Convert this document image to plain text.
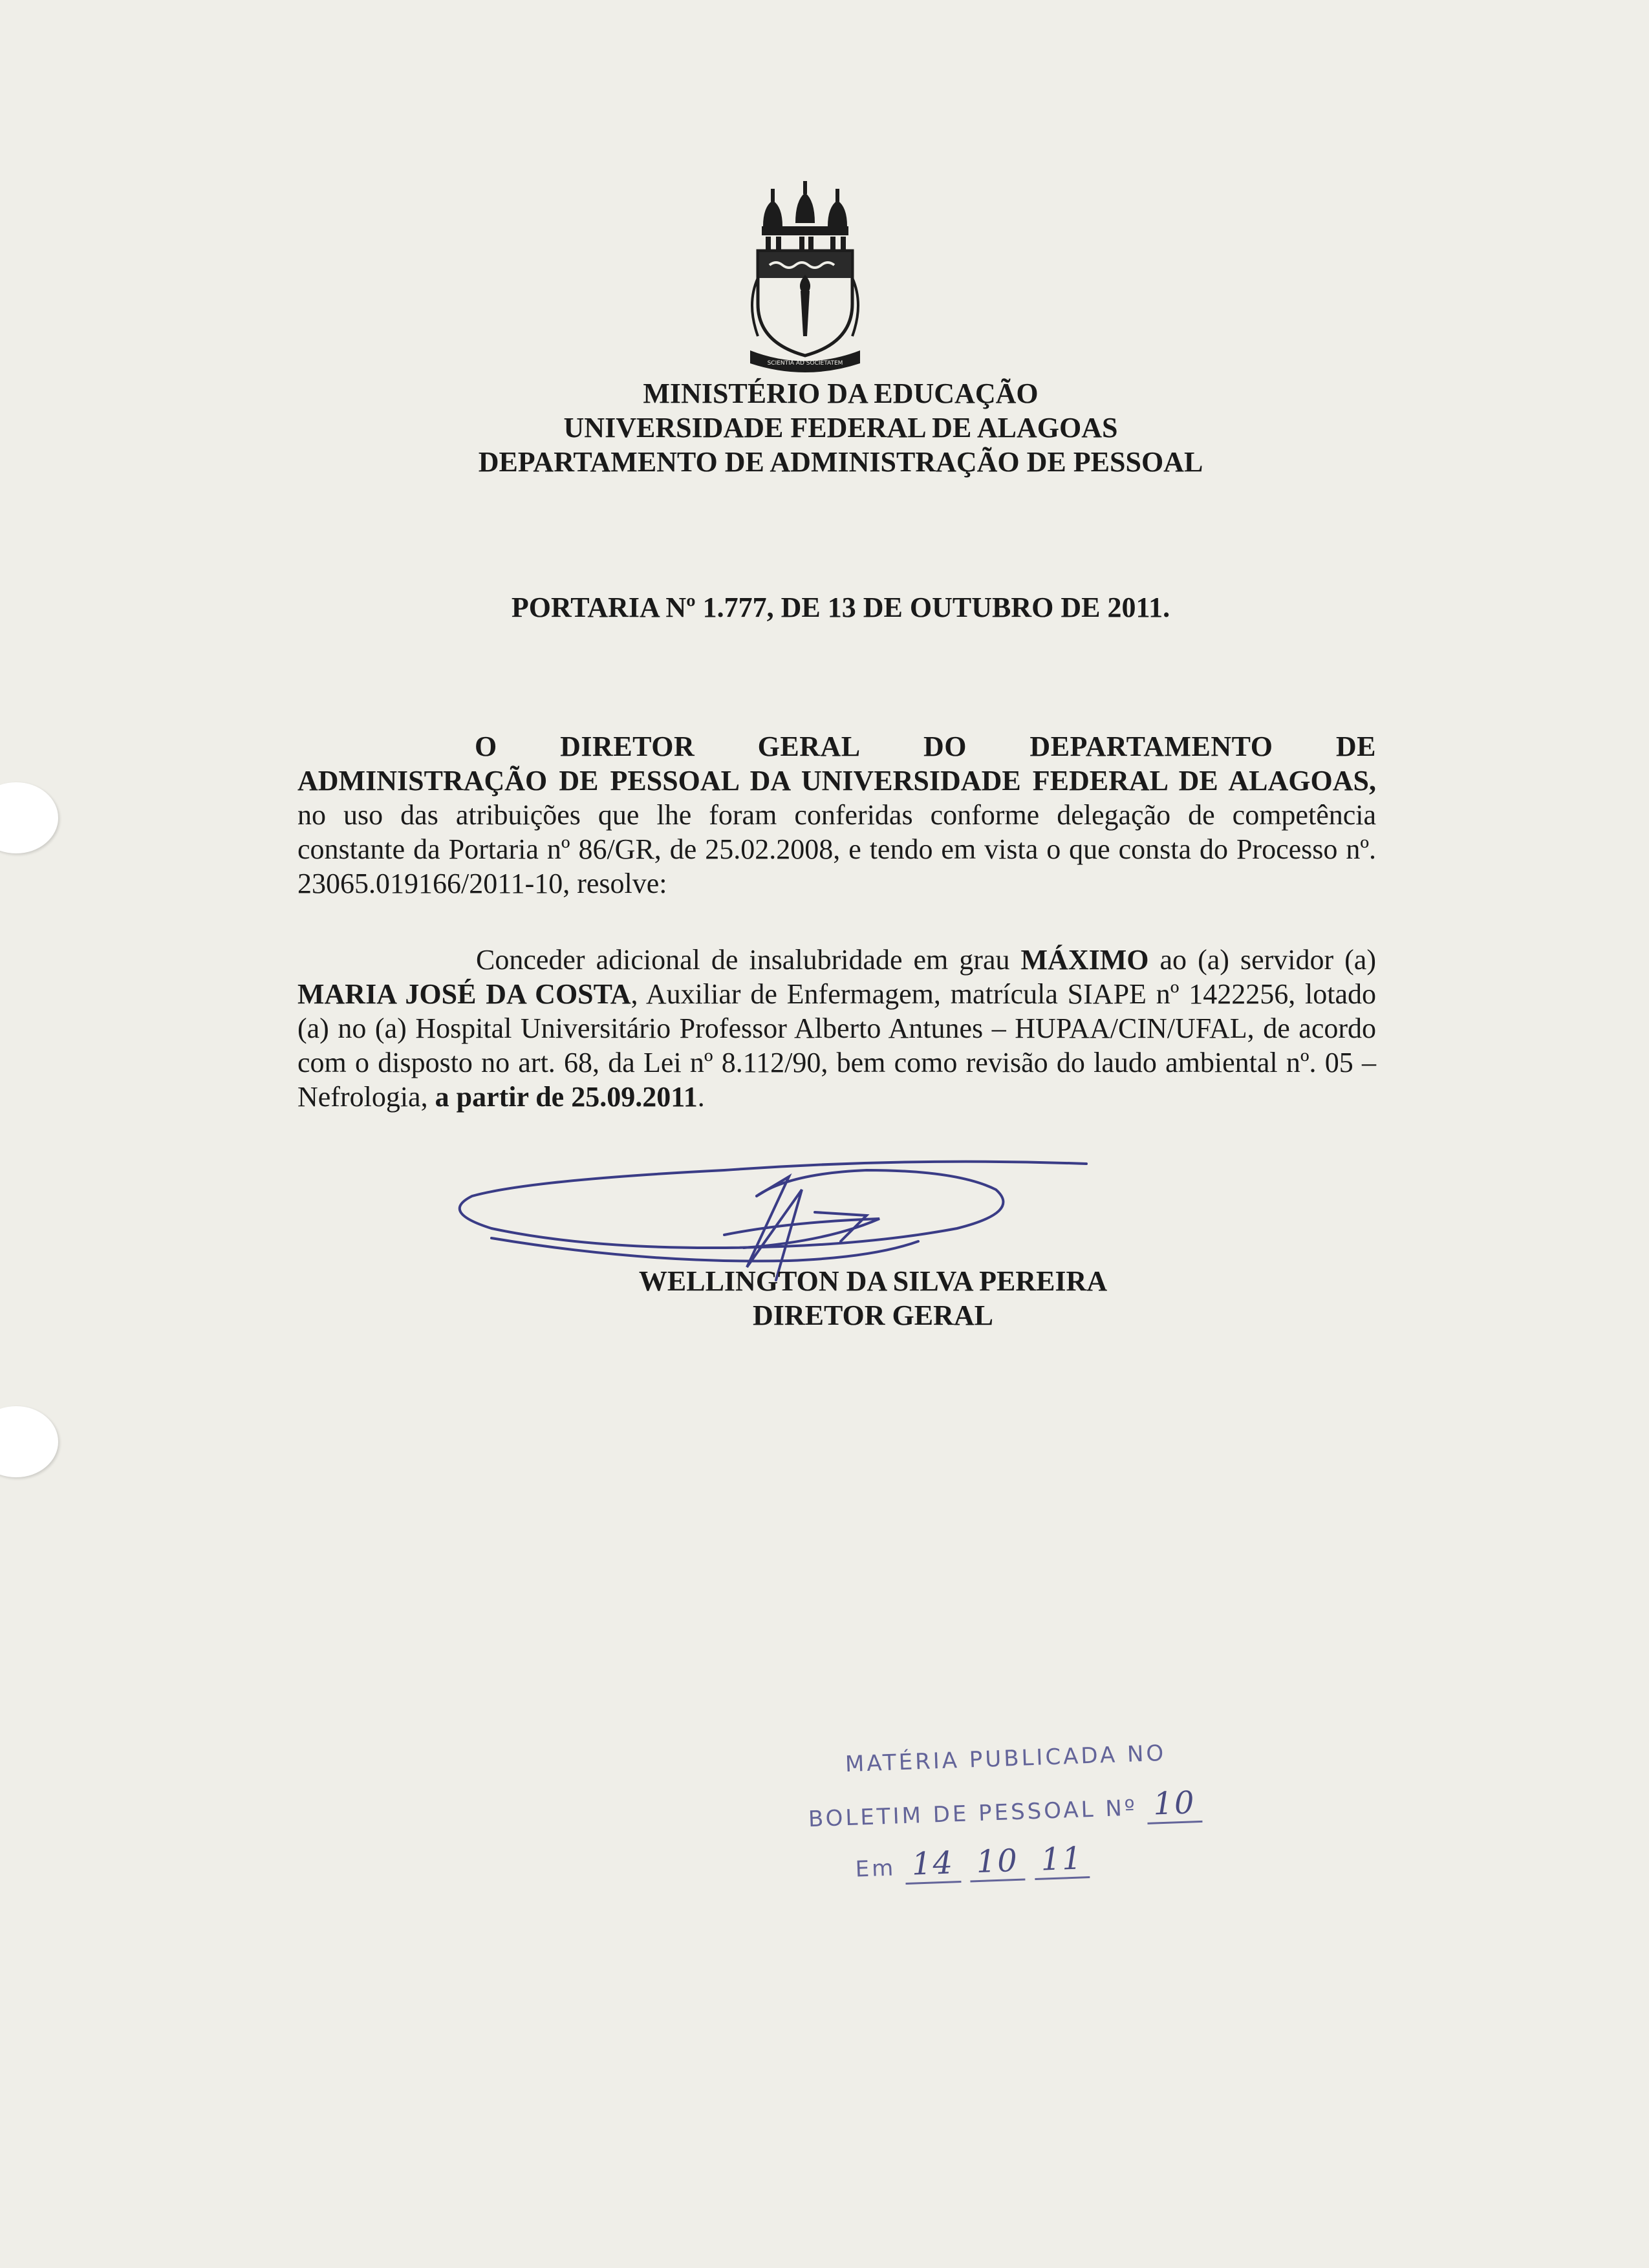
SCIENTIA AD SOCIETATEM
MINISTÉRIO DA EDUCAÇÃO
UNIVERSIDADE FEDERAL DE ALAGOAS
DEPARTAMENTO DE ADMINISTRAÇÃO DE PESSOAL
PORTARIA Nº 1.777, DE 13 DE OUTUBRO DE 2011.
O DIRETOR GERAL DO DEPARTAMENTO DE
ADMINISTRAÇÃO DE PESSOAL DA UNIVERSIDADE FEDERAL DE ALAGOAS, no uso das atribuições que lhe foram conferidas conforme delegação de competência constante da Portaria nº 86/GR, de 25.02.2008, e tendo em vista o que consta do Processo nº. 23065.019166/2011-10, resolve:
Conceder adicional de insalubridade em grau MÁXIMO ao (a) servidor (a) MARIA JOSÉ DA COSTA, Auxiliar de Enfermagem, matrícula SIAPE nº 1422256, lotado (a) no (a) Hospital Universitário Professor Alberto Antunes – HUPAA/CIN/UFAL, de acordo com o disposto no art. 68, da Lei nº 8.112/90, bem como revisão do laudo ambiental nº. 05 – Nefrologia, a partir de 25.09.2011.
WELLINGTON DA SILVA PEREIRA
DIRETOR GERAL
MATÉRIA PUBLICADA NO
BOLETIM DE PESSOAL Nº 10
Em 14 10 11
